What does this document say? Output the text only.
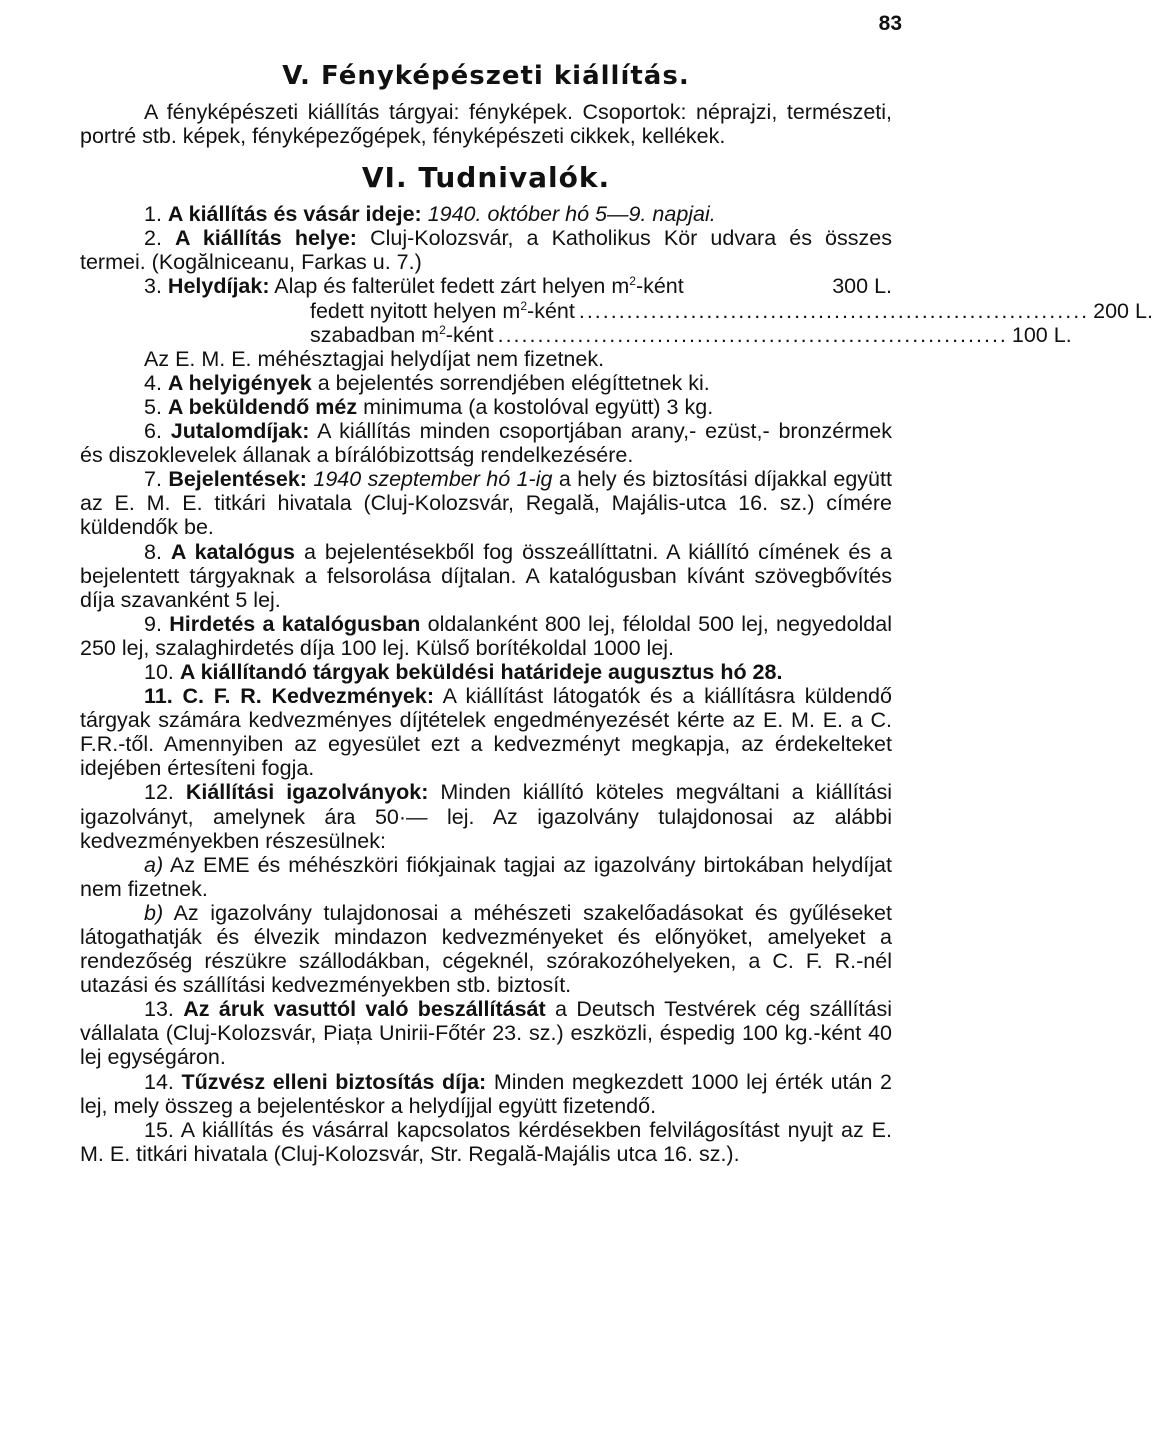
83
V. Fényképészeti kiállítás.

A fényképészeti kiállítás tárgyai: fényképek. Csoportok: néprajzi, természeti, portré stb. képek, fényképezőgépek, fényképészeti cikkek, kellékek.

VI. Tudnivalók.

1. A kiállítás és vásár ideje: 1940. október hó 5—9. napjai.

2. A kiállítás helye: Cluj-Kolozsvár, a Katholikus Kör udvara és összes termei. (Kogălniceanu, Farkas u. 7.)

3. Helydíjak: Alap és falterület fedett zárt helyen $m^2$-ként	300 L.
fedett nyitott helyen $m^2$-ként ................................................................ 200 L.
szabadban $m^2$-ként ................................................................ 100 L.

Az E. M. E. méhésztagjai helydíjat nem fizetnek.

4. A helyigények a bejelentés sorrendjében elégíttetnek ki.

5. A beküldendő méz minimuma (a kostolóval együtt) 3 kg.

6. Jutalomdíjak: A kiállítás minden csoportjában arany,- ezüst,- bronzérmek és diszoklevelek állanak a bírálóbizottság rendelkezésére.

7. Bejelentések: 1940 szeptember hó 1-ig a hely és biztosítási díjakkal együtt az E. M. E. titkári hivatala (Cluj-Kolozsvár, Regală, Majális-utca 16. sz.) címére küldendők be.

8. A katalógus a bejelentésekből fog összeállíttatni. A kiállító címének és a bejelentett tárgyaknak a felsorolása díjtalan. A katalógusban kívánt szövegbővítés díja szavanként 5 lej.

9. Hirdetés a katalógusban oldalanként 800 lej, féloldal 500 lej, negyedoldal 250 lej, szalaghirdetés díja 100 lej. Külső borítékoldal 1000 lej.

10. A kiállítandó tárgyak beküldési határideje augusztus hó 28.

11. C. F. R. Kedvezmények: A kiállítást látogatók és a kiállításra küldendő tárgyak számára kedvezményes díjtételek engedményezését kérte az E. M. E. a C. F.R.-től. Amennyiben az egyesület ezt a kedvezményt megkapja, az érdekelteket idejében értesíteni fogja.

12. Kiállítási igazolványok: Minden kiállító köteles megváltani a kiállítási igazolványt, amelynek ára 50·— lej. Az igazolvány tulajdonosai az alábbi kedvezményekben részesülnek:

a) Az EME és méhészköri fiókjainak tagjai az igazolvány birtokában helydíjat nem fizetnek.

b) Az igazolvány tulajdonosai a méhészeti szakelőadásokat és gyűléseket látogathatják és élvezik mindazon kedvezményeket és előnyöket, amelyeket a rendezőség részükre szállodákban, cégeknél, szórakozóhelyeken, a C. F. R.-nél utazási és szállítási kedvezményekben stb. biztosít.

13. Az áruk vasuttól való beszállítását a Deutsch Testvérek cég szállítási vállalata (Cluj-Kolozsvár, Piața Unirii-Főtér 23. sz.) eszközli, éspedig 100 kg.-ként 40 lej egységáron.

14. Tűzvész elleni biztosítás díja: Minden megkezdett 1000 lej érték után 2 lej, mely összeg a bejelentéskor a helydíjjal együtt fizetendő.

15. A kiállítás és vásárral kapcsolatos kérdésekben felvilágosítást nyujt az E. M. E. titkári hivatala (Cluj-Kolozsvár, Str. Regală-Majális utca 16. sz.).
